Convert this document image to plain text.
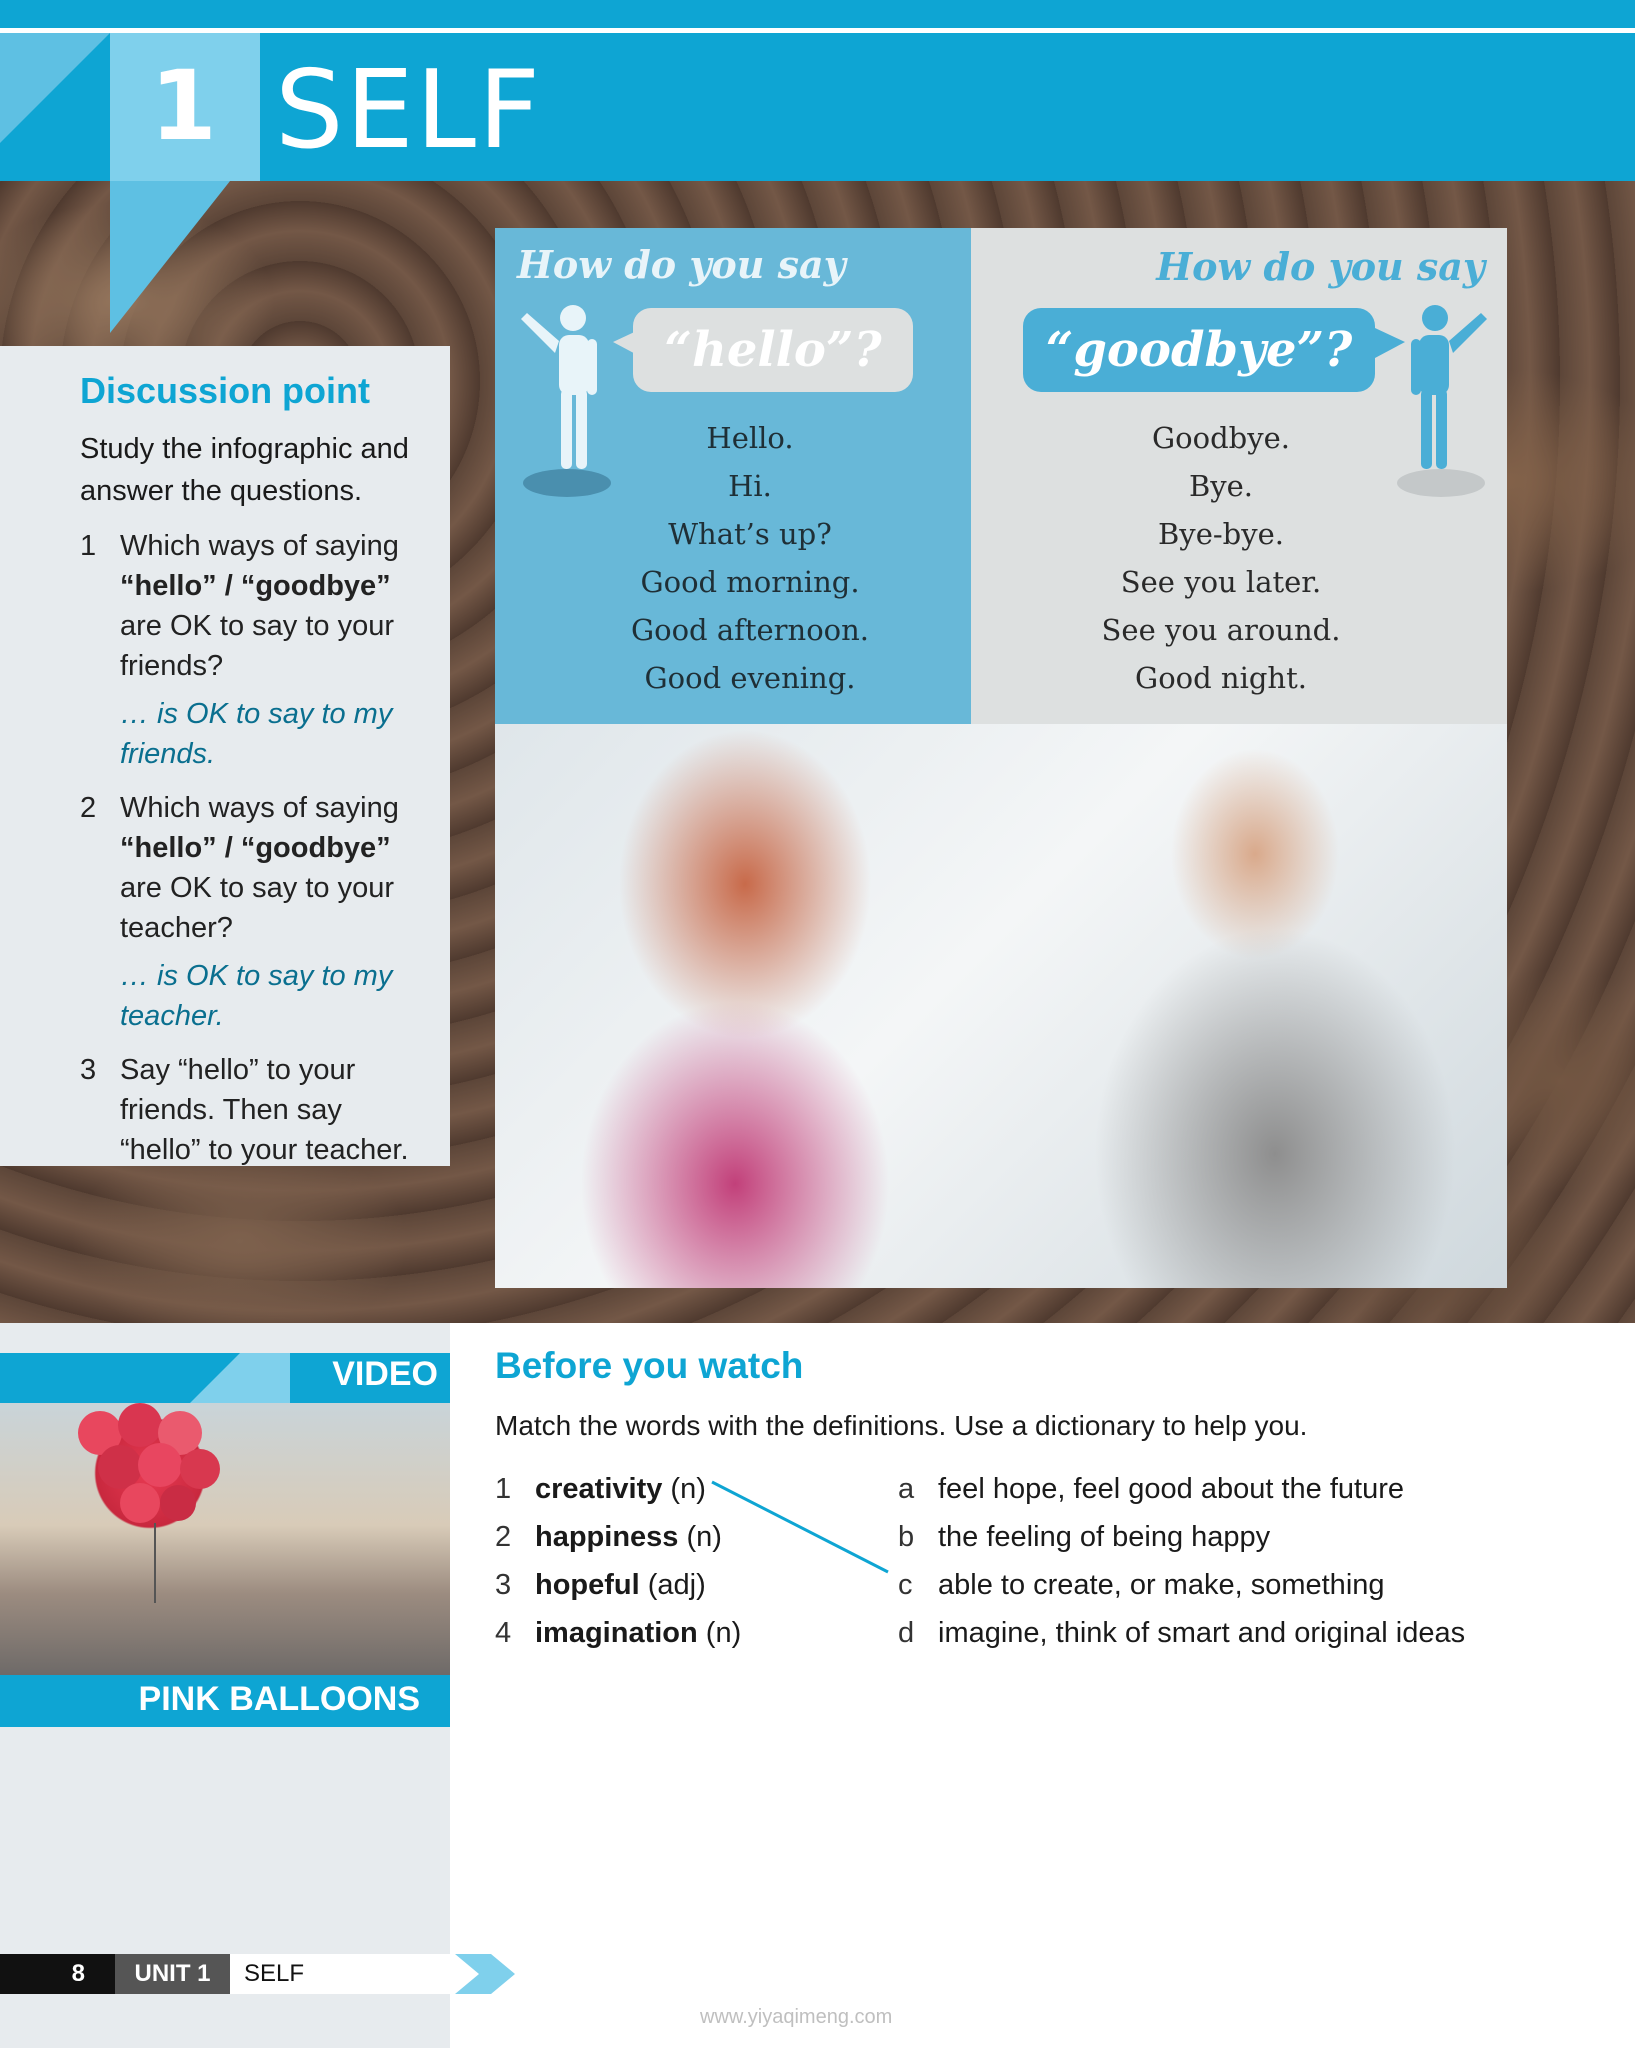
1 SELF
Discussion point
Study the infographic and answer the questions.
1 Which ways of saying “hello” / “goodbye” are OK to say to your friends?
… is OK to say to my friends.
2 Which ways of saying “hello” / “goodbye” are OK to say to your teacher?
… is OK to say to my teacher.
3 Say “hello” to your friends. Then say “hello” to your teacher.
How do you say
“hello”?
Hello.
Hi.
What’s up?
Good morning.
Good afternoon.
Good evening.
How do you say
“goodbye”?
Goodbye.
Bye.
Bye-bye.
See you later.
See you around.
Good night.
VIDEO
PINK BALLOONS
Before you watch
Match the words with the definitions. Use a dictionary to help you.
1 creativity (n)
2 happiness (n)
3 hopeful (adj)
4 imagination (n)
a feel hope, feel good about the future
b the feeling of being happy
c able to create, or make, something
d imagine, think of smart and original ideas
8	UNIT 1	SELF
www.yiyaqimeng.com
